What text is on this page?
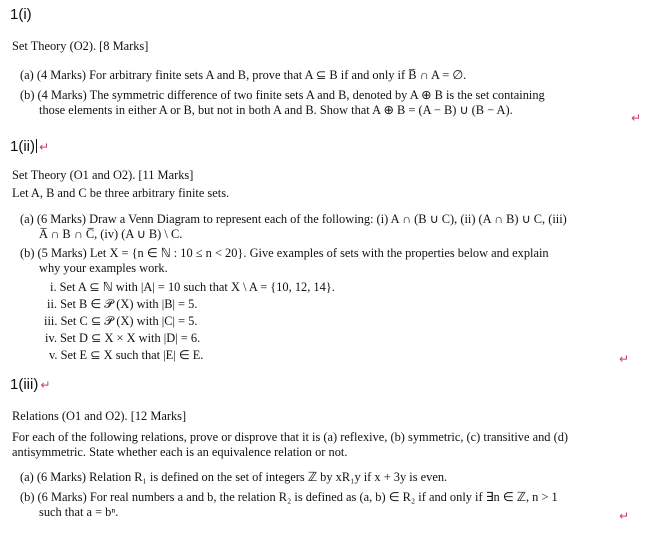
1(i)
Set Theory (O2). [8 Marks]
(a) (4 Marks) For arbitrary finite sets A and B, prove that A ⊆ B if and only if B̅ ∩ A = ∅.
(b) (4 Marks) The symmetric difference of two finite sets A and B, denoted by A ⊕ B is the set containing
those elements in either A or B, but not in both A and B. Show that A ⊕ B = (A − B) ∪ (B − A).
↵
1(ii) ↵
Set Theory (O1 and O2). [11 Marks]
Let A, B and C be three arbitrary finite sets.
(a) (6 Marks) Draw a Venn Diagram to represent each of the following: (i) A ∩ (B ∪ C), (ii) (A ∩ B) ∪ C, (iii)
A̅ ∩ B ∩ C̅, (iv) (A ∪ B) \ C.
(b) (5 Marks) Let X = {n ∈ ℕ : 10 ≤ n < 20}. Give examples of sets with the properties below and explain
why your examples work.
i. Set A ⊆ ℕ with |A| = 10 such that X \ A = {10, 12, 14}.
ii. Set B ∈ 𝒫 (X) with |B| = 5.
iii. Set C ⊆ 𝒫 (X) with |C| = 5.
iv. Set D ⊆ X × X with |D| = 6.
v. Set E ⊆ X such that |E| ∈ E.	↵
1(iii) ↵
Relations (O1 and O2). [12 Marks]
For each of the following relations, prove or disprove that it is (a) reflexive, (b) symmetric, (c) transitive and (d)
antisymmetric. State whether each is an equivalence relation or not.
(a) (6 Marks) Relation R₁ is defined on the set of integers ℤ by xR₁y if x + 3y is even.
(b) (6 Marks) For real numbers a and b, the relation R₂ is defined as (a, b) ∈ R₂ if and only if ∃n ∈ ℤ, n > 1
such that a = bⁿ.	↵
